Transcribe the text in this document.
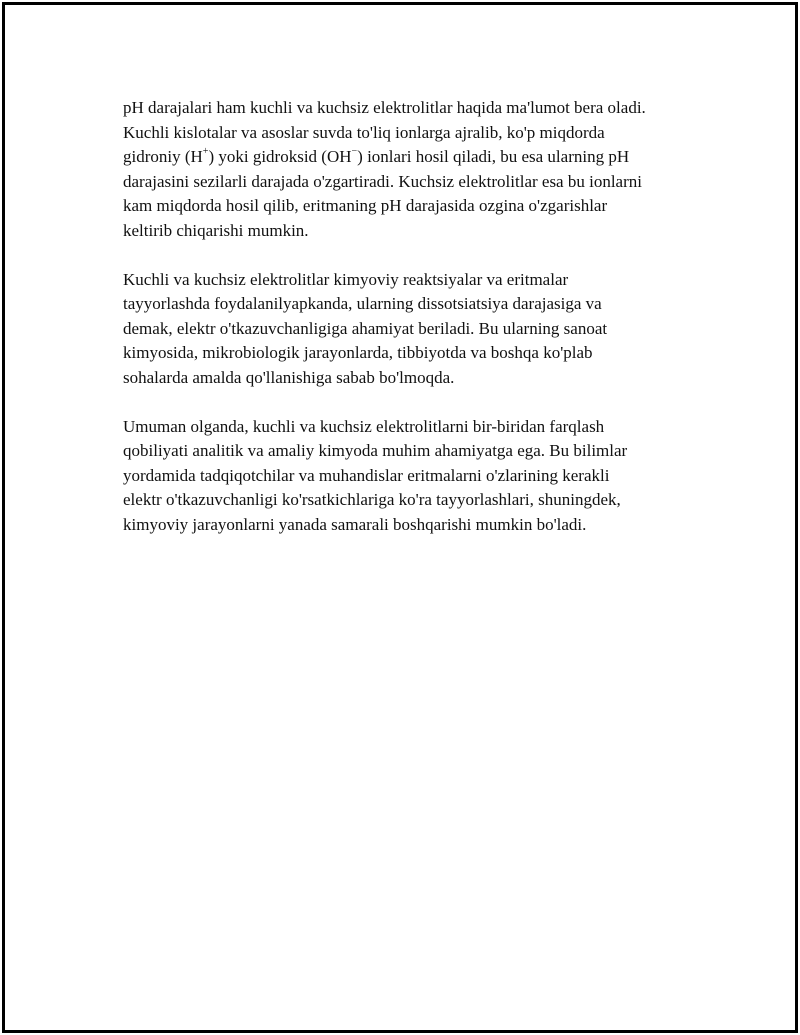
pH darajalari ham kuchli va kuchsiz elektrolitlar haqida ma'lumot bera oladi.
Kuchli kislotalar va asoslar suvda to'liq ionlarga ajralib, ko'p miqdorda
gidroniy (H+) yoki gidroksid (OH−) ionlari hosil qiladi, bu esa ularning pH
darajasini sezilarli darajada o'zgartiradi. Kuchsiz elektrolitlar esa bu ionlarni
kam miqdorda hosil qilib, eritmaning pH darajasida ozgina o'zgarishlar
keltirib chiqarishi mumkin.

Kuchli va kuchsiz elektrolitlar kimyoviy reaktsiyalar va eritmalar
tayyorlashda foydalanilyapkanda, ularning dissotsiatsiya darajasiga va
demak, elektr o'tkazuvchanligiga ahamiyat beriladi. Bu ularning sanoat
kimyosida, mikrobiologik jarayonlarda, tibbiyotda va boshqa ko'plab
sohalarda amalda qo'llanishiga sabab bo'lmoqda.

Umuman olganda, kuchli va kuchsiz elektrolitlarni bir-biridan farqlash
qobiliyati analitik va amaliy kimyoda muhim ahamiyatga ega. Bu bilimlar
yordamida tadqiqotchilar va muhandislar eritmalarni o'zlarining kerakli
elektr o'tkazuvchanligi ko'rsatkichlariga ko'ra tayyorlashlari, shuningdek,
kimyoviy jarayonlarni yanada samarali boshqarishi mumkin bo'ladi.
